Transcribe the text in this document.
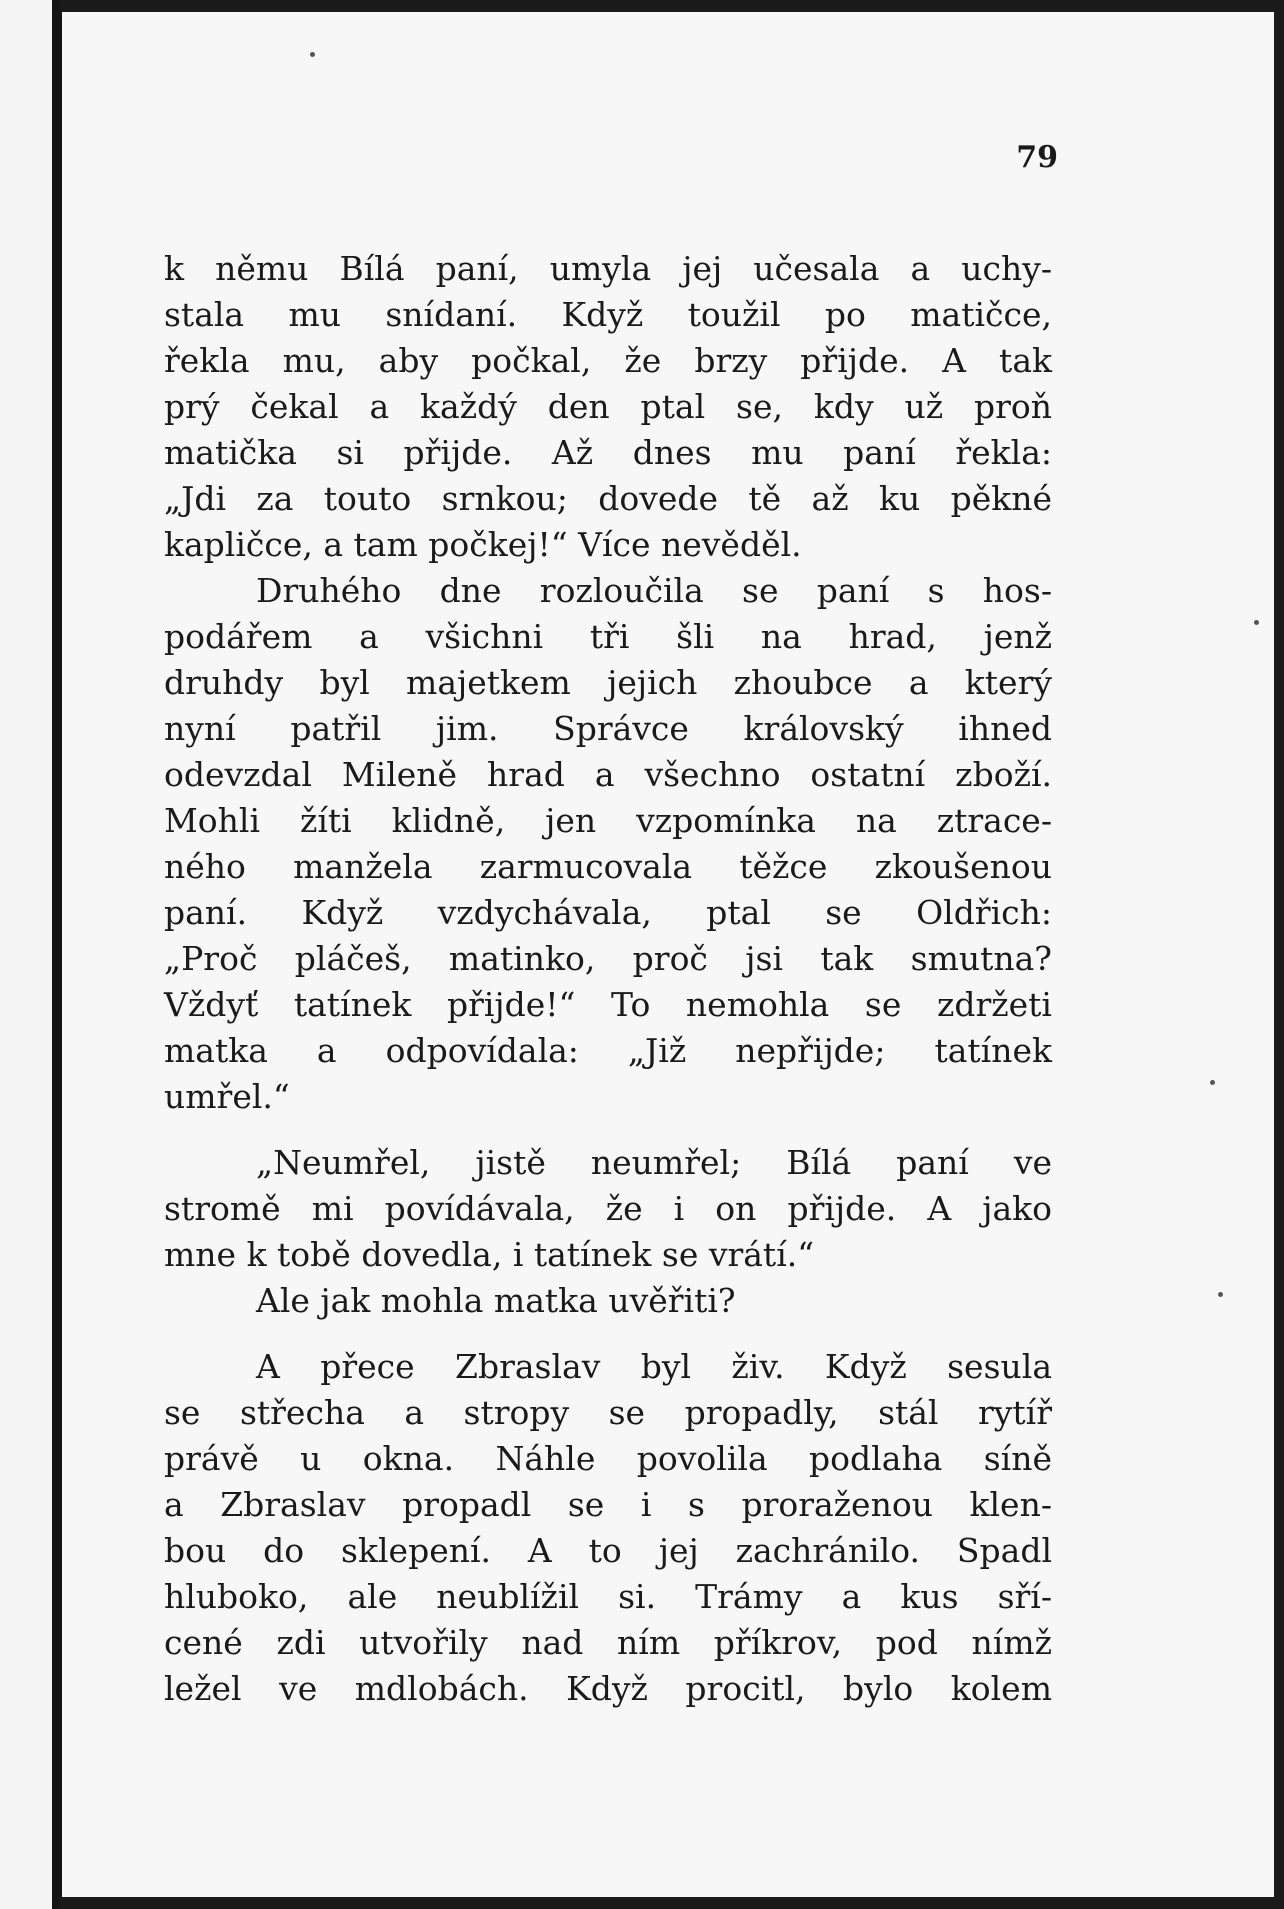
79
k němu Bílá paní, umyla jej učesala a uchy-
stala mu snídaní. Když toužil po matičce,
řekla mu, aby počkal, že brzy přijde. A tak
prý čekal a každý den ptal se, kdy už proň
matička si přijde. Až dnes mu paní řekla:
„Jdi za touto srnkou; dovede tě až ku pěkné
kapličce, a tam počkej!“ Více nevěděl.
Druhého dne rozloučila se paní s hos-
podářem a všichni tři šli na hrad, jenž
druhdy byl majetkem jejich zhoubce a který
nyní patřil jim. Správce královský ihned
odevzdal Mileně hrad a všechno ostatní zboží.
Mohli žíti klidně, jen vzpomínka na ztrace-
ného manžela zarmucovala těžce zkoušenou
paní. Když vzdychávala, ptal se Oldřich:
„Proč pláčeš, matinko, proč jsi tak smutna?
Vždyť tatínek přijde!“ To nemohla se zdržeti
matka a odpovídala: „Již nepřijde; tatínek
umřel.“
„Neumřel, jistě neumřel; Bílá paní ve
stromě mi povídávala, že i on přijde. A jako
mne k tobě dovedla, i tatínek se vrátí.“
Ale jak mohla matka uvěřiti?
A přece Zbraslav byl živ. Když sesula
se střecha a stropy se propadly, stál rytíř
právě u okna. Náhle povolila podlaha síně
a Zbraslav propadl se i s proraženou klen-
bou do sklepení. A to jej zachránilo. Spadl
hluboko, ale neublížil si. Trámy a kus sří-
cené zdi utvořily nad ním příkrov, pod nímž
ležel ve mdlobách. Když procitl, bylo kolem
